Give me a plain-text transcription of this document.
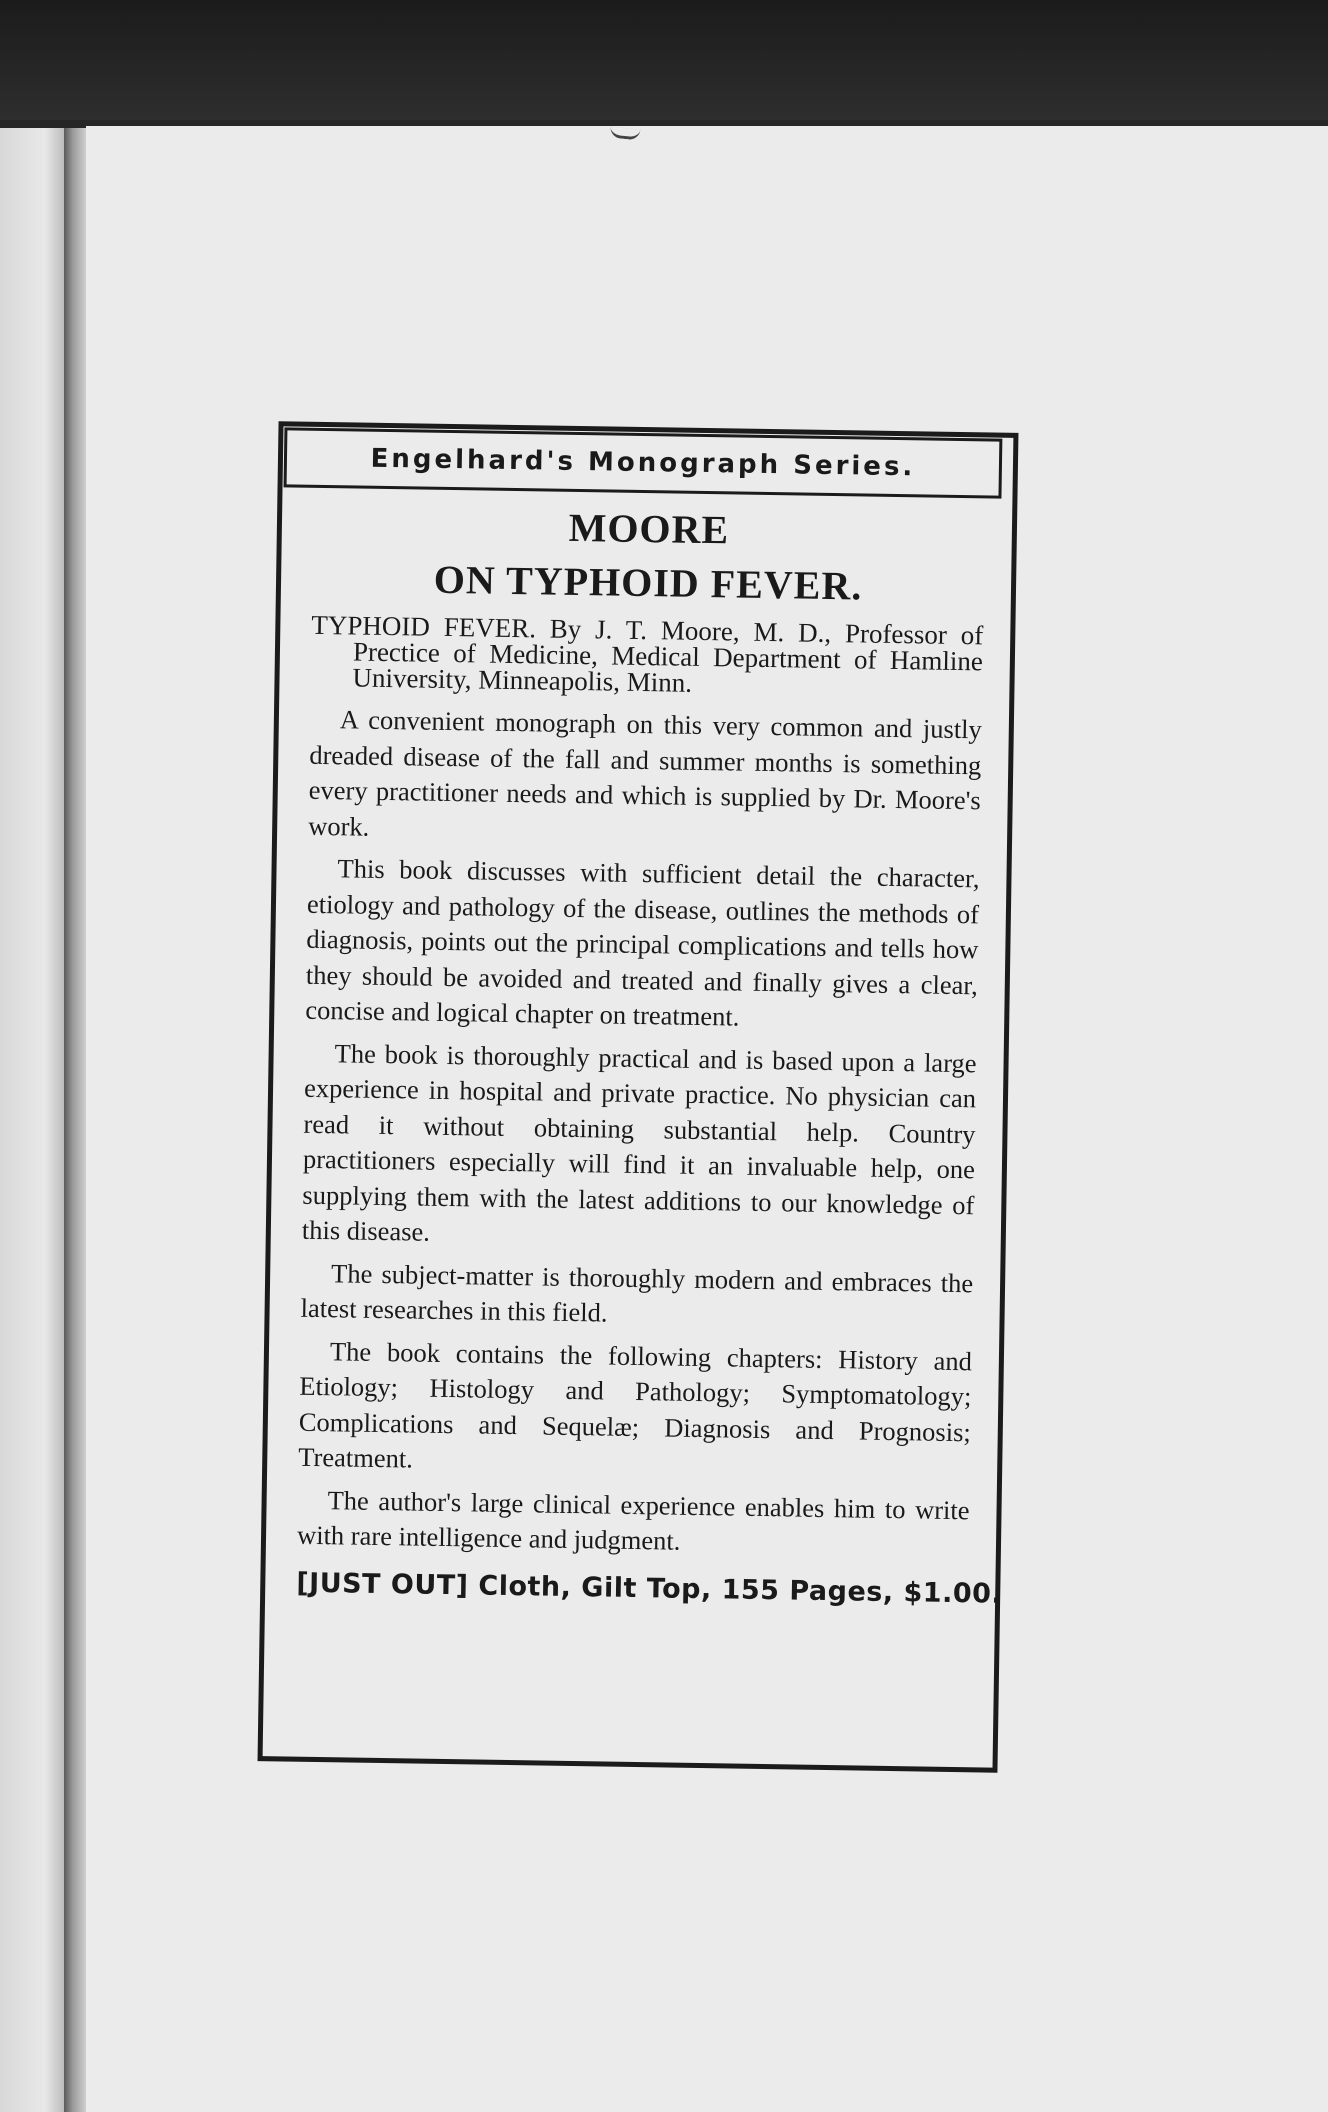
Engelhard's Monograph Series.
MOORE
ON TYPHOID FEVER.

TYPHOID FEVER. By J. T. Moore, M. D., Professor of Prectice of Medicine, Medical Department of Hamline University, Minneapolis, Minn.

A convenient monograph on this very common and justly dreaded disease of the fall and summer months is something every practitioner needs and which is supplied by Dr. Moore's work.

This book discusses with sufficient detail the character, etiology and pathology of the disease, outlines the methods of diagnosis, points out the principal complications and tells how they should be avoided and treated and finally gives a clear, concise and logical chapter on treatment.

The book is thoroughly practical and is based upon a large experience in hospital and private practice. No physician can read it without obtaining substantial help. Country practitioners especially will find it an invaluable help, one supplying them with the latest additions to our knowledge of this disease.

The subject-matter is thoroughly modern and embraces the latest researches in this field.

The book contains the following chapters: History and Etiology; Histology and Pathology; Symptomatology; Complications and Sequelæ; Diagnosis and Prognosis; Treatment.

The author's large clinical experience enables him to write with rare intelligence and judgment.

[JUST OUT] Cloth, Gilt Top, 155 Pages, $1.00.
